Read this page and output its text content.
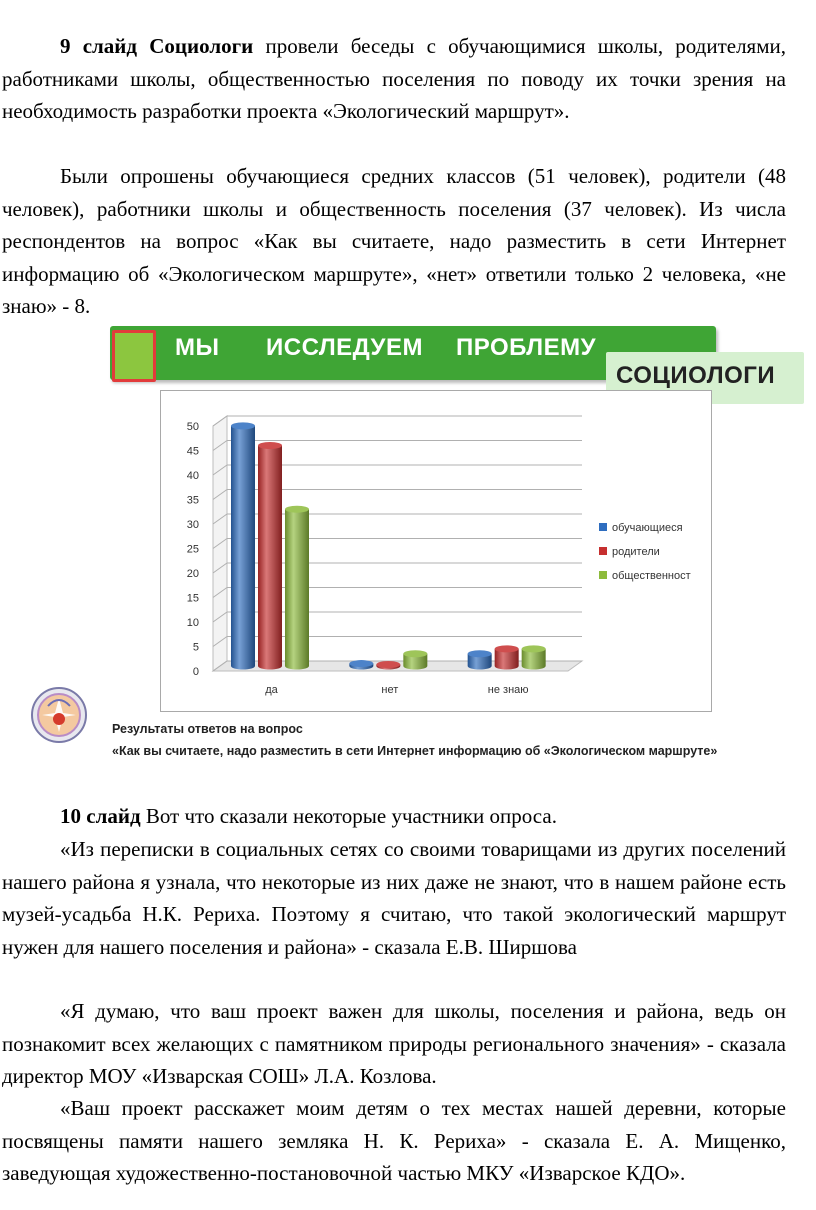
9 слайд Социологи провели беседы с обучающимися школы, родителями, работниками школы, общественностью поселения по поводу их точки зрения на необходимость разработки проекта «Экологический маршрут».

Были опрошены обучающиеся средних классов (51 человек), родители (48 человек), работники школы и общественность поселения (37 человек). Из числа респондентов на вопрос «Как вы считаете, надо разместить в сети Интернет информацию об «Экологическом маршруте», «нет» ответили только 2 человека, «не знаю» - 8.

МЫ ИССЛЕДУЕМ ПРОБЛЕМУ
СОЦИОЛОГИ
0
5
10
15
20
25
30
35
40
45
50
да	нет	не знаю
обучающиеся
родители
общественност
Результаты ответов на вопрос
«Как вы считаете, надо разместить в сети Интернет информацию об «Экологическом маршруте»

10 слайд Вот что сказали некоторые участники опроса.

«Из переписки в социальных сетях со своими товарищами из других поселений нашего района я узнала, что некоторые из них даже не знают, что в нашем районе есть музей-усадьба Н.К. Рериха. Поэтому я считаю, что такой экологический маршрут нужен для нашего поселения и района» - сказала Е.В. Ширшова

«Я думаю, что ваш проект важен для школы, поселения и района, ведь он познакомит всех желающих с памятником природы регионального значения» - сказала директор МОУ «Изварская СОШ» Л.А. Козлова.

«Ваш проект расскажет моим детям о тех местах нашей деревни, которые посвящены памяти нашего земляка Н. К. Рериха» - сказала Е. А. Мищенко, заведующая художественно-постановочной частью МКУ «Изварское КДО».
